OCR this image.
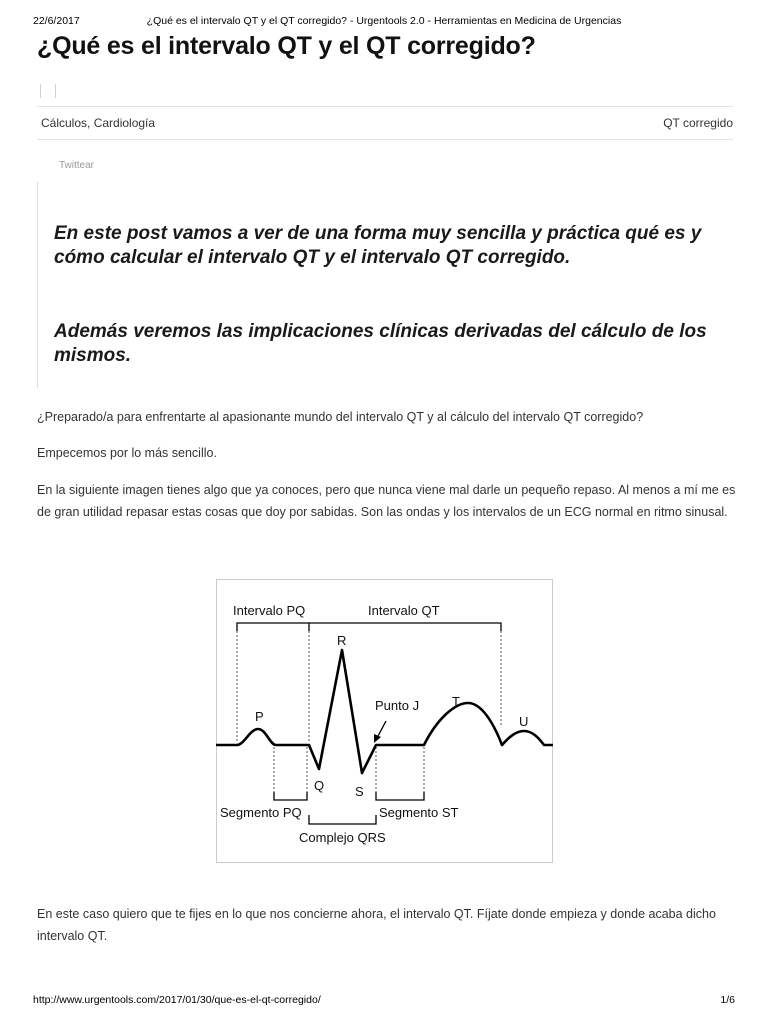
22/6/2017	¿Qué es el intervalo QT y el QT corregido? - Urgentools 2.0 - Herramientas en Medicina de Urgencias
¿Qué es el intervalo QT y el QT corregido?
Cálculos, Cardiología	QT corregido
Twittear

En este post vamos a ver de una forma muy sencilla y práctica qué es y cómo calcular el intervalo QT y el intervalo QT corregido.

Además veremos las implicaciones clínicas derivadas del cálculo de los mismos.

¿Preparado/a para enfrentarte al apasionante mundo del intervalo QT y al cálculo del intervalo QT corregido?

Empecemos por lo más sencillo.

En la siguiente imagen tienes algo que ya conoces, pero que nunca viene mal darle un pequeño repaso. Al menos a mí me es de gran utilidad repasar estas cosas que doy por sabidas. Son las ondas y los intervalos de un ECG normal en ritmo sinusal.

Intervalo PQ	Intervalo QT
R
P
Punto J	T
U
Q S
Segmento PQ	Segmento ST
Complejo QRS

En este caso quiero que te fijes en lo que nos concierne ahora, el intervalo QT. Fíjate donde empieza y donde acaba dicho intervalo QT.

http://www.urgentools.com/2017/01/30/que-es-el-qt-corregido/	1/6
